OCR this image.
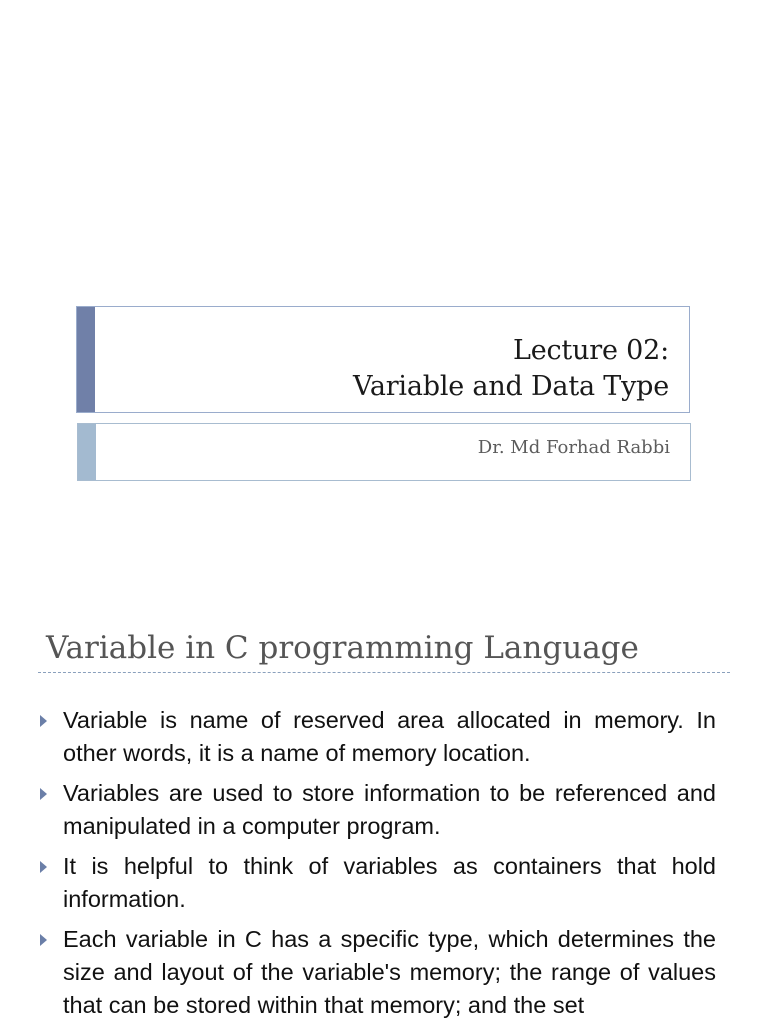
Lecture 02:
Variable and Data Type
Dr. Md Forhad Rabbi
Variable in C programming Language
Variable is name of reserved area allocated in memory. In other words, it is a name of memory location.
Variables are used to store information to be referenced and manipulated in a computer program.
It is helpful to think of variables as containers that hold information.
Each variable in C has a specific type, which determines the size and layout of the variable's memory; the range of values that can be stored within that memory; and the set
